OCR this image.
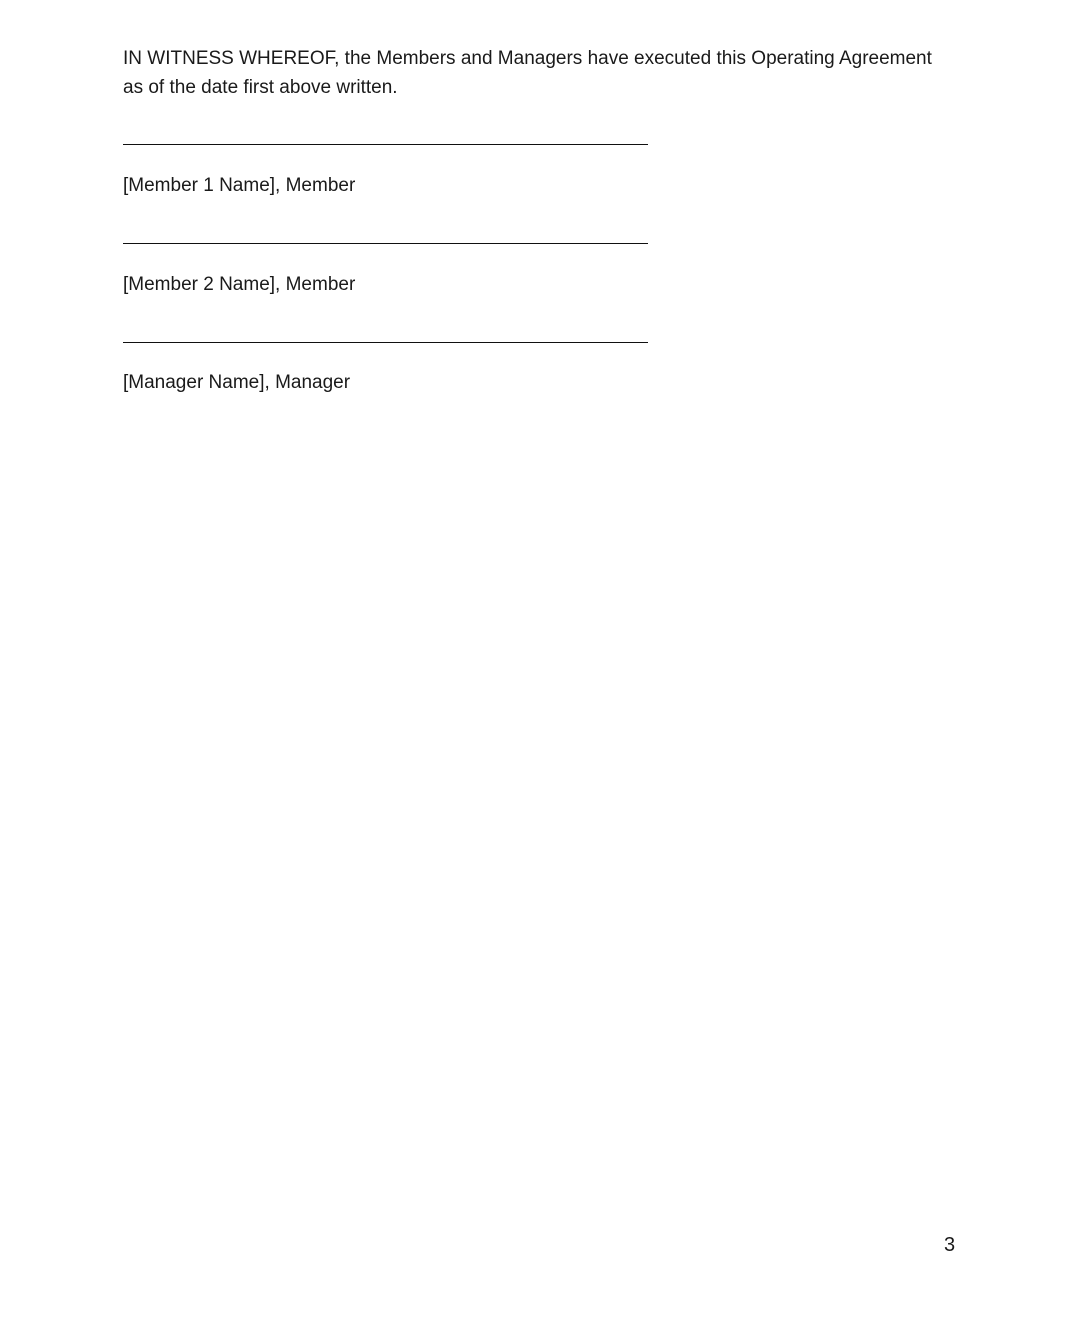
IN WITNESS WHEREOF, the Members and Managers have executed this Operating Agreement as of the date first above written.

[Member 1 Name], Member

[Member 2 Name], Member

[Manager Name], Manager

3
